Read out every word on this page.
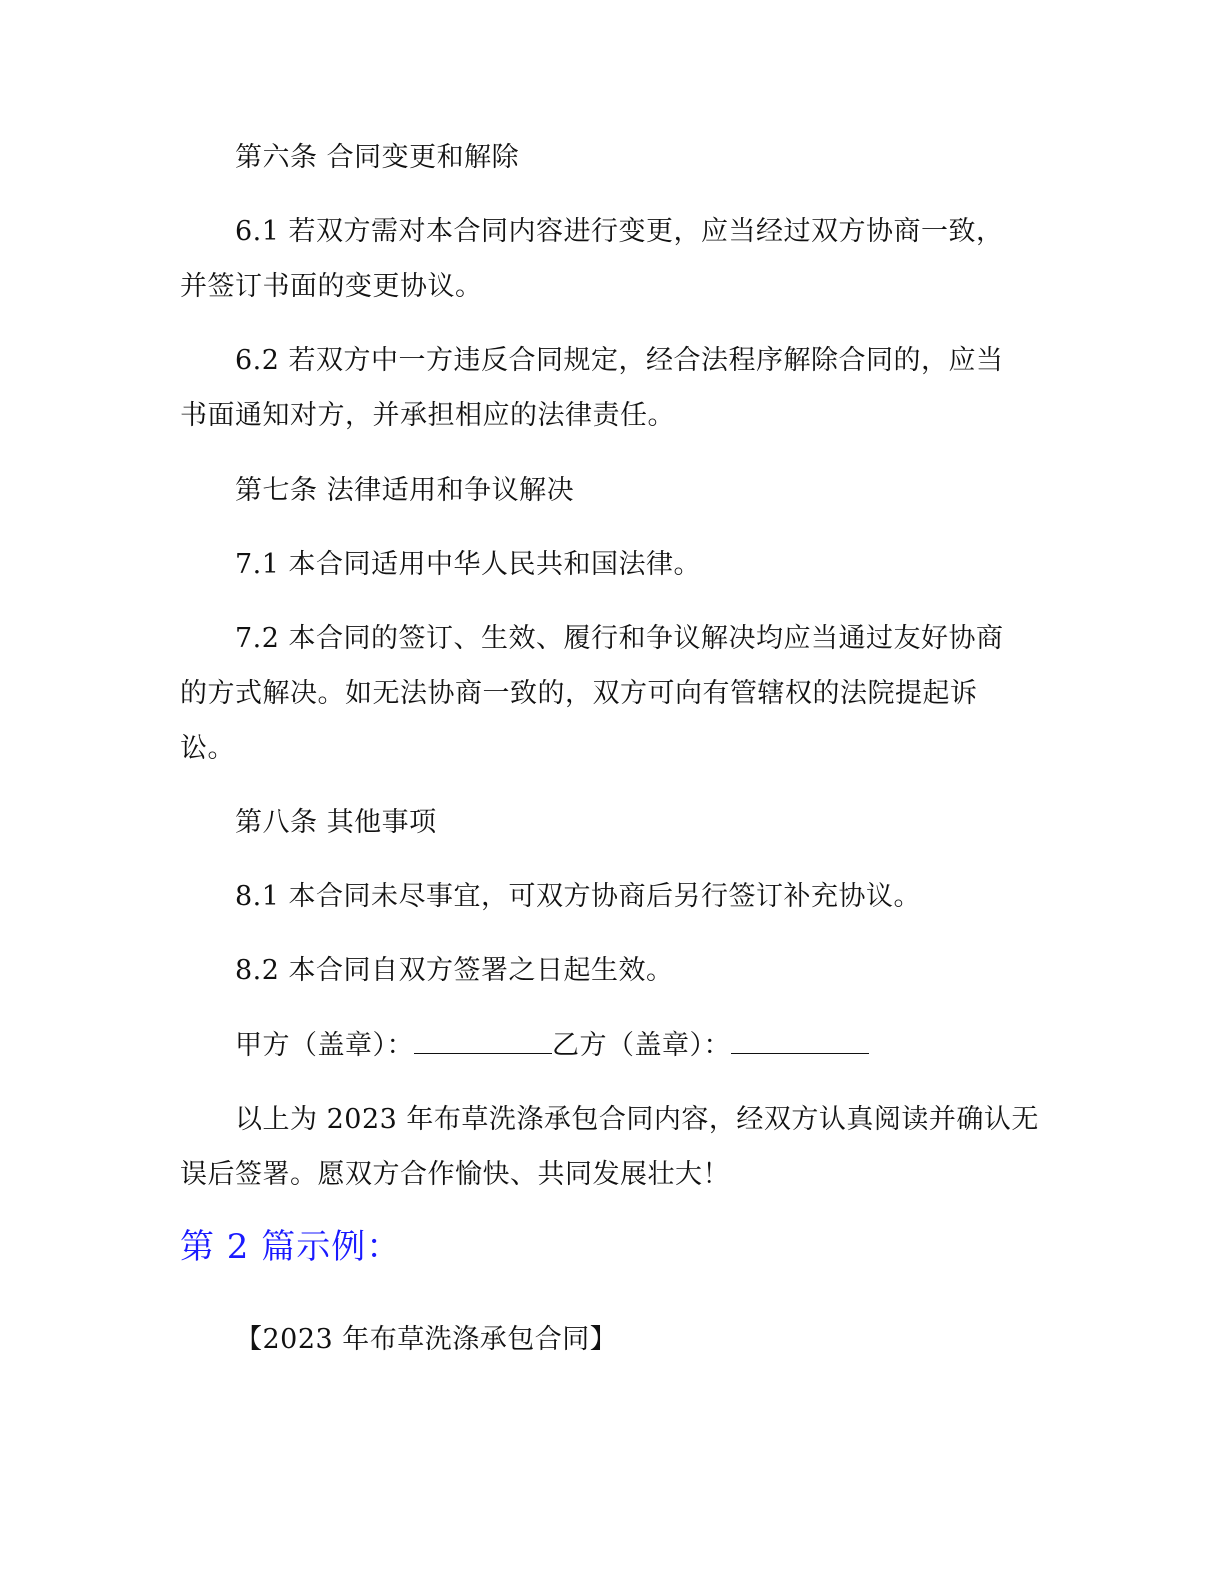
第六条 合同变更和解除
6.1 若双方需对本合同内容进行变更，应当经过双方协商一致，
并签订书面的变更协议。
6.2 若双方中一方违反合同规定，经合法程序解除合同的，应当
书面通知对方，并承担相应的法律责任。
第七条 法律适用和争议解决
7.1 本合同适用中华人民共和国法律。
7.2 本合同的签订、生效、履行和争议解决均应当通过友好协商
的方式解决。如无法协商一致的，双方可向有管辖权的法院提起诉
讼。
第八条 其他事项
8.1 本合同未尽事宜，可双方协商后另行签订补充协议。
8.2 本合同自双方签署之日起生效。
甲方（盖章）：	乙方（盖章）：
以上为 2023 年布草洗涤承包合同内容，经双方认真阅读并确认无
误后签署。愿双方合作愉快、共同发展壮大！
第 2 篇示例：
【2023 年布草洗涤承包合同】
